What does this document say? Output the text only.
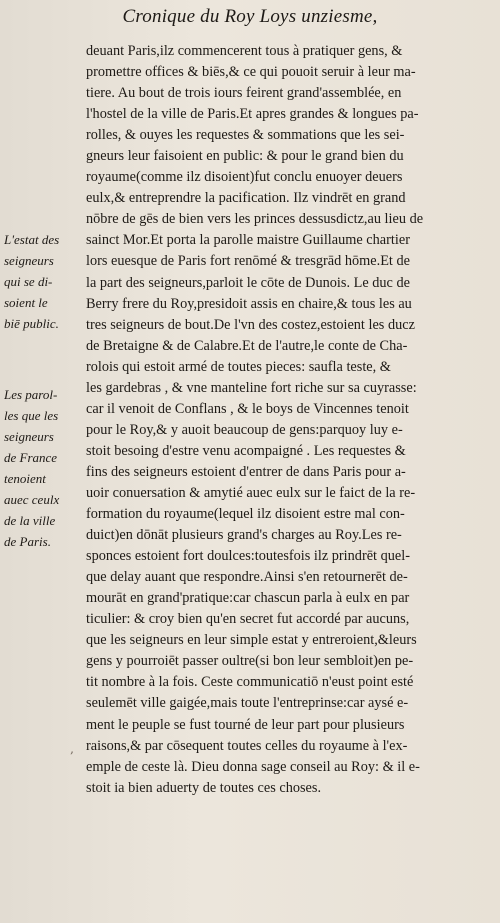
Cronique du Roy Loys unziesme,
deuant Paris,ilz commencerent tous à pratiquer gens, &
promettre offices & biēs,& ce qui pouoit seruir à leur ma-
tiere. Au bout de trois iours feirent grand'assemblée, en
l'hostel de la ville de Paris.Et apres grandes & longues pa-
rolles, & ouyes les requestes & sommations que les sei-
gneurs leur faisoient en public: & pour le grand bien du
royaume(comme ilz disoient)fut conclu enuoyer deuers
eulx,& entreprendre la pacification. Ilz vindrēt en grand
nōbre de gēs de bien vers les princes dessusdictz,au lieu de
sainct Mor.Et porta la parolle maistre Guillaume chartier
lors euesque de Paris fort renōmé & tresgrād hōme.Et de
la part des seigneurs,parloit le cōte de Dunois. Le duc de
Berry frere du Roy,presidoit assis en chaire,& tous les au
tres seigneurs de bout.De l'vn des costez,estoient les ducz
de Bretaigne & de Calabre.Et de l'autre,le conte de Cha-
rolois qui estoit armé de toutes pieces: saufla teste, &
les gardebras , & vne manteline fort riche sur sa cuyrasse:
car il venoit de Conflans , & le boys de Vincennes tenoit
pour le Roy,& y auoit beaucoup de gens:parquoy luy e-
stoit besoing d'estre venu acompaigné . Les requestes &
fins des seigneurs estoient d'entrer de dans Paris pour a-
uoir conuersation & amytié auec eulx sur le faict de la re-
formation du royaume(lequel ilz disoient estre mal con-
duict)en dōnāt plusieurs grand's charges au Roy.Les re-
sponces estoient fort doulces:toutesfois ilz prindrēt quel-
que delay auant que respondre.Ainsi s'en retournerēt de-
mourāt en grand'pratique:car chascun parla à eulx en par
ticulier: & croy bien qu'en secret fut accordé par aucuns,
que les seigneurs en leur simple estat y entreroient,&leurs
gens y pourroiēt passer oultre(si bon leur sembloit)en pe-
tit nombre à la fois. Ceste communicatiō n'eust point esté
seulemēt ville gaigée,mais toute l'entreprinse:car aysé e-
ment le peuple se fust tourné de leur part pour plusieurs
raisons,& par cōsequent toutes celles du royaume à l'ex-
emple de ceste là. Dieu donna sage conseil au Roy: & il e-
stoit ia bien aduerty de toutes ces choses.
L'estat des
seigneurs
qui se di-
soient le
biē public.
Les parol-
les que les
seigneurs
de France
tenoient
auec ceulx
de la ville
de Paris.
‚
